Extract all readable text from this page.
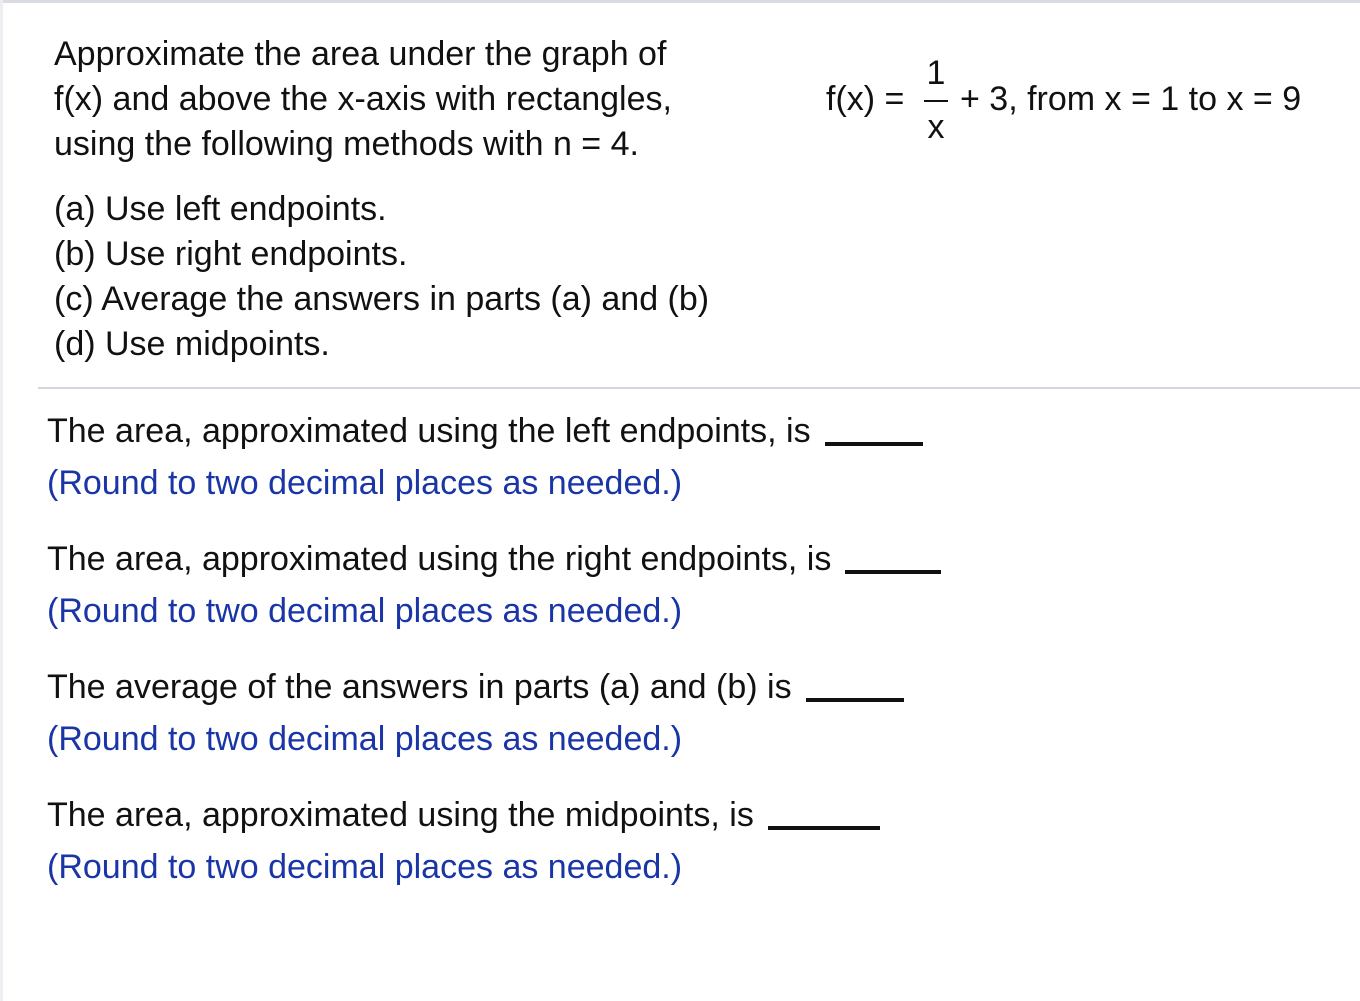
Approximate the area under the graph of

f(x) and above the x-axis with rectangles,

using the following methods with n = 4.

(a) Use left endpoints.
(b) Use right endpoints.
(c) Average the answers in parts (a) and (b)
(d) Use midpoints.
f(x) =
1
x
+ 3, from x = 1 to x = 9
The area, approximated using the left endpoints, is
(Round to two decimal places as needed.)
The area, approximated using the right endpoints, is
(Round to two decimal places as needed.)
The average of the answers in parts (a) and (b) is
(Round to two decimal places as needed.)
The area, approximated using the midpoints, is
(Round to two decimal places as needed.)
